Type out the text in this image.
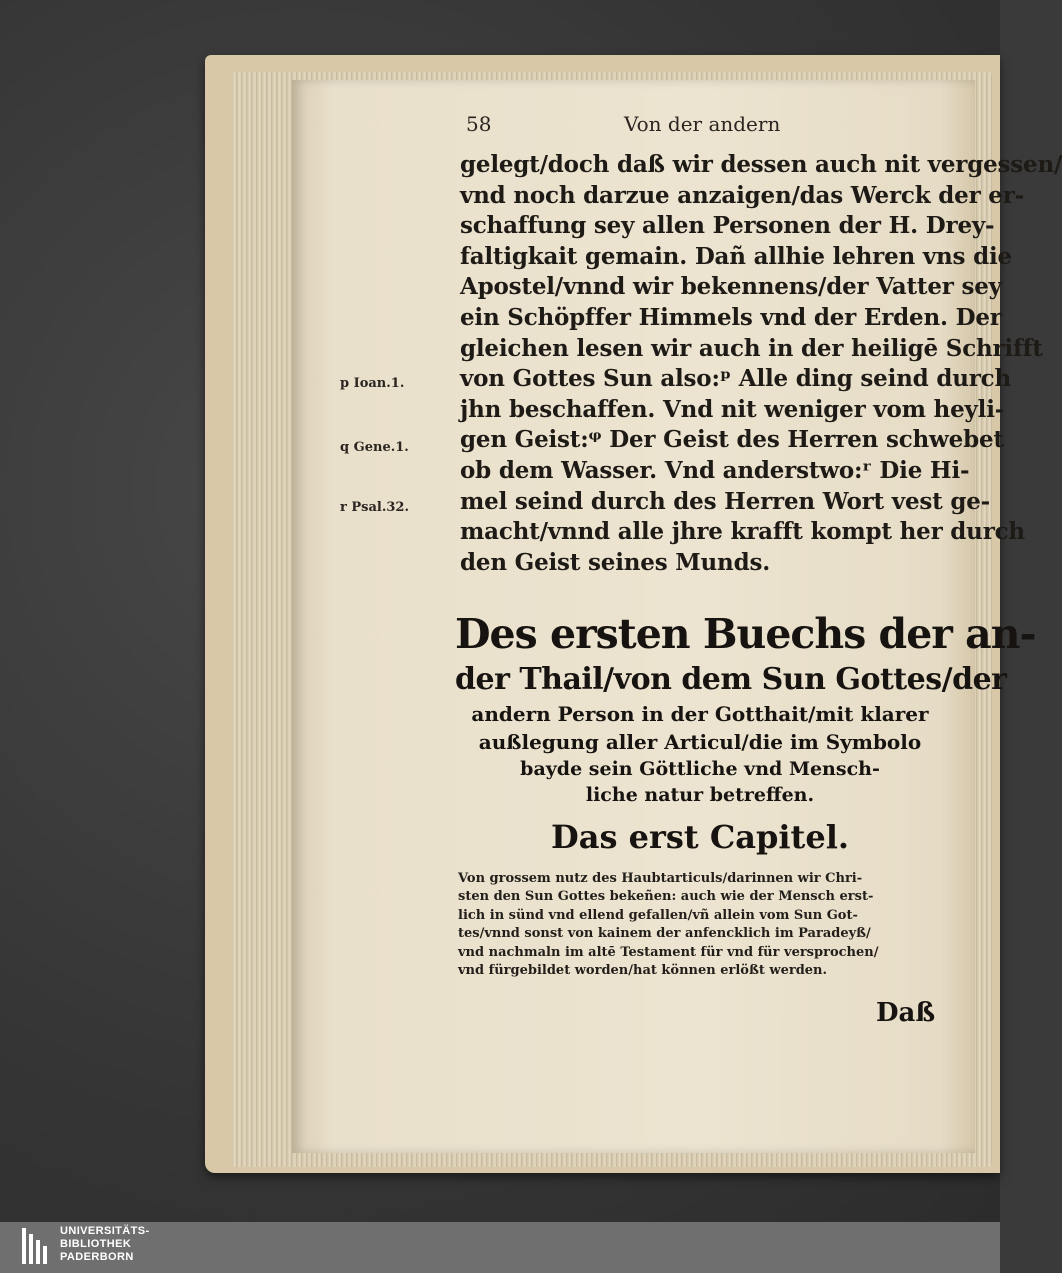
58	Von der andern
gelegt/doch daß wir dessen auch nit vergessen/
vnd noch darzue anzaigen/das Werck der er-
schaffung sey allen Personen der H. Drey-
faltigkait gemain. Dañ allhie lehren vns die
Apostel/vnnd wir bekennens/der Vatter sey
ein Schöpffer Himmels vnd der Erden. Der
gleichen lesen wir auch in der heiligē Schrifft
von Gottes Sun also:ᵖ Alle ding seind durch
jhn beschaffen. Vnd nit weniger vom heyli-
gen Geist:ᵠ Der Geist des Herren schwebet
ob dem Wasser. Vnd anderstwo:ʳ Die Hi-
mel seind durch des Herren Wort vest ge-
macht/vnnd alle jhre krafft kompt her durch
den Geist seines Munds.
p Ioan.1.
q Gene.1.
r Psal.32.
Des ersten Buechs der an-
der Thail/von dem Sun Gottes/der
andern Person in der Gotthait/mit klarer
außlegung aller Articul/die im Symbolo
bayde sein Göttliche vnd Mensch-
liche natur betreffen.
Das erst Capitel.
Von grossem nutz des Haubtarticuls/darinnen wir Chri-
sten den Sun Gottes bekeñen: auch wie der Mensch erst-
lich in sünd vnd ellend gefallen/vñ allein vom Sun Got-
tes/vnnd sonst von kainem der anfencklich im Paradeyß/
vnd nachmaln im altē Testament für vnd für versprochen/
vnd fürgebildet worden/hat können erlößt werden.
Daß
UNIVERSITÄTS-
BIBLIOTHEK
PADERBORN
